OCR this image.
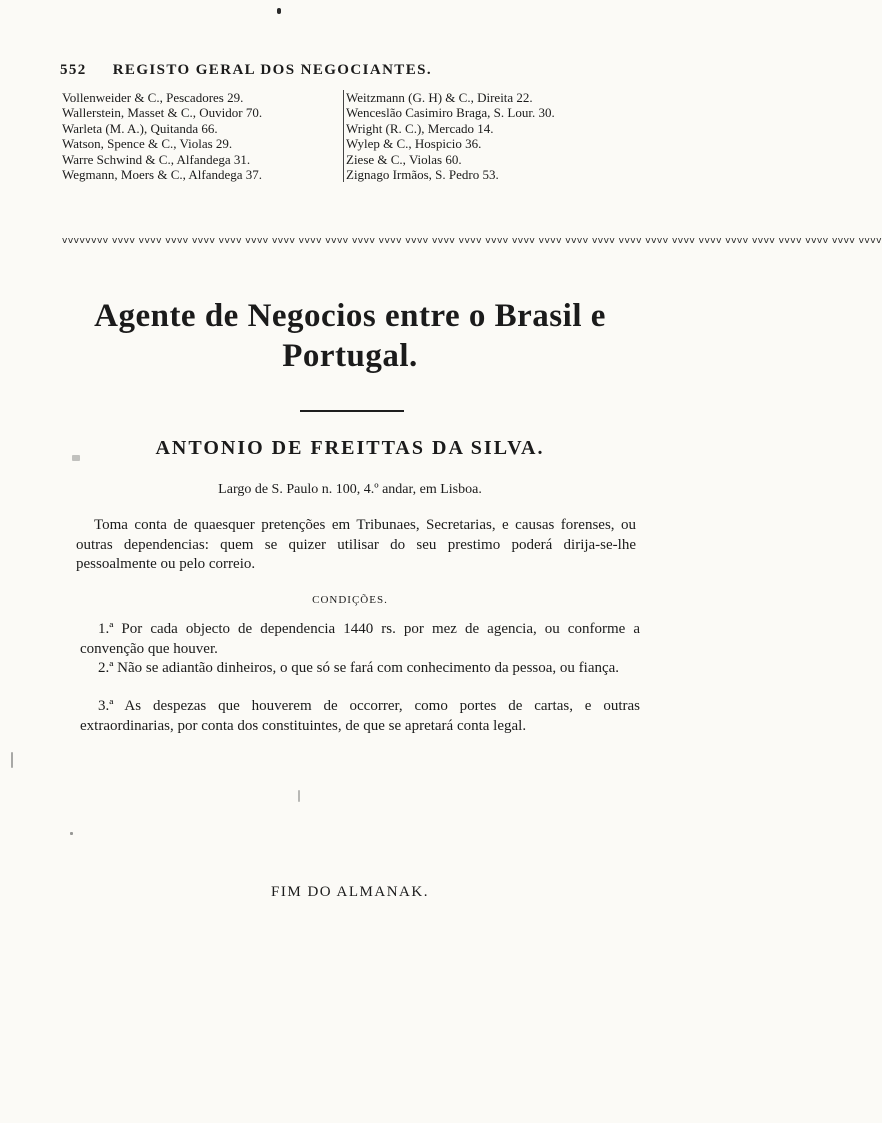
552 REGISTO GERAL DOS NEGOCIANTES.
Vollenweider & C., Pescadores 29.
Wallerstein, Masset & C., Ouvidor 70.
Warleta (M. A.), Quitanda 66.
Watson, Spence & C., Violas 29.
Warre Schwind & C., Alfandega 31.
Wegmann, Moers & C., Alfandega 37.
Weitzmann (G. H) & C., Direita 22.
Wenceslão Casimiro Braga, S. Lour. 30.
Wright (R. C.), Mercado 14.
Wylep & C., Hospicio 36.
Ziese & C., Violas 60.
Zignago Irmãos, S. Pedro 53.
vvvvvvvv vvvv vvvv vvvv vvvv vvvv vvvv vvvv vvvv vvvv vvvv vvvv vvvv vvvv vvvv vvvv vvvv vvvv vvvv vvvv vvvv vvvv vvvv vvvv vvvv vvvv vvvv vvvv vvvv vvvv
Agente de Negocios entre o Brasil e Portugal.
ANTONIO DE FREITTAS DA SILVA.
Largo de S. Paulo n. 100, 4.º andar, em Lisboa.
Toma conta de quaesquer pretenções em Tribunaes, Secretarias, e causas forenses, ou outras dependencias: quem se quizer utilisar do seu prestimo poderá dirija-se-lhe pessoalmente ou pelo correio.
CONDIÇÕES.
1.ª Por cada objecto de dependencia 1440 rs. por mez de agencia, ou conforme a convenção que houver.
2.ª Não se adiantão dinheiros, o que só se fará com conhecimento da pessoa, ou fiança.
3.ª As despezas que houverem de occorrer, como portes de cartas, e outras extraordinarias, por conta dos constituintes, de que se apretará conta legal.
FIM DO ALMANAK.
